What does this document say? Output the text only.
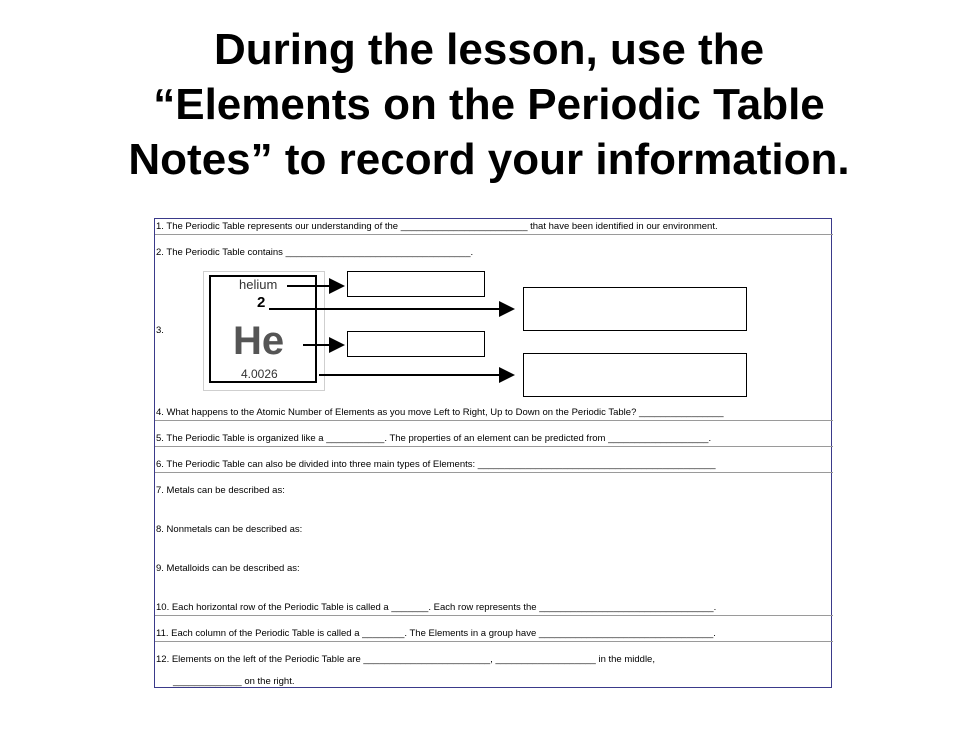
During the lesson, use the
“Elements on the Periodic Table
Notes” to record your information.
1. The Periodic Table represents our understanding of the ________________________ that have been identified in our environment.
2. The Periodic Table contains ___________________________________.
helium
2
He
4.0026
3.
4. What happens to the Atomic Number of Elements as you move Left to Right, Up to Down on the Periodic Table? ________________
5. The Periodic Table is organized like a ___________. The properties of an element can be predicted from ___________________.
6. The Periodic Table can also be divided into three main types of Elements: _____________________________________________
7. Metals can be described as:
8. Nonmetals can be described as:
9. Metalloids can be described as:
10. Each horizontal row of the Periodic Table is called a _______. Each row represents the _________________________________.
11. Each column of the Periodic Table is called a ________. The Elements in a group have _________________________________.
12. Elements on the left of the Periodic Table are ________________________, ___________________ in the middle,
_____________ on the right.
